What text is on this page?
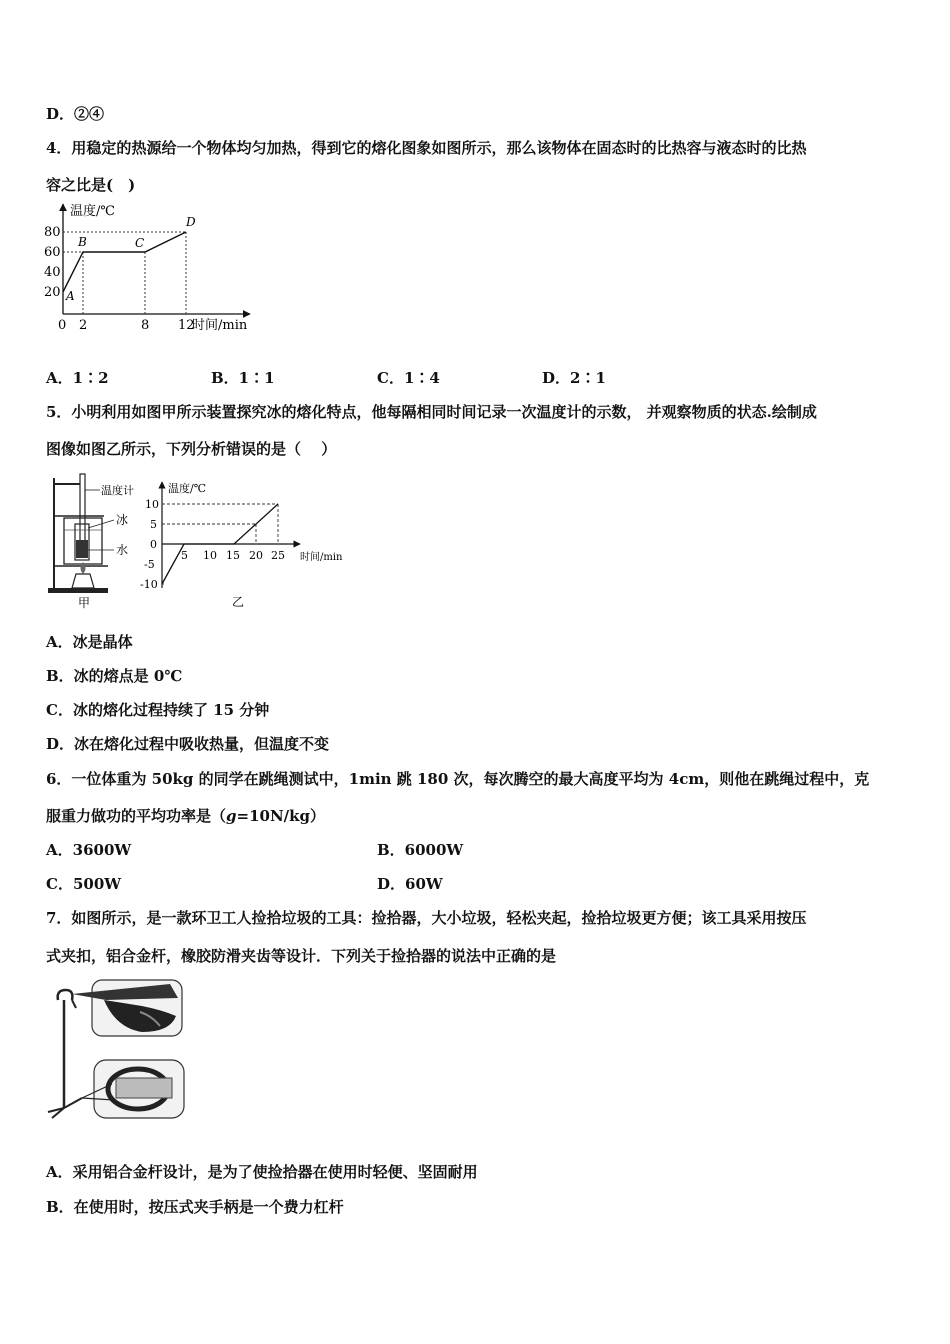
D．②④
4．用稳定的热源给一个物体均匀加热，得到它的熔化图象如图所示，那么该物体在固态时的比热容与液态时的比热
容之比是(　)
温度/℃
时间/min
80
60
40
20
0 2	8 12
A
B	C
D
A．1∶2	B．1∶1	C．1∶4	D．2∶1
5．小明利用如图甲所示装置探究冰的熔化特点，他每隔相同时间记录一次温度计的示数， 并观察物质的状态.绘制成
图像如图乙所示，下列分析错误的是（　 ）
温度计
冰
水
甲
10
5
0
-5
-10
5 10 15 20 25
温度/℃
时间/min
乙
A．冰是晶体
B．冰的熔点是 0℃
C．冰的熔化过程持续了 15 分钟
D．冰在熔化过程中吸收热量，但温度不变
6．一位体重为 50kg 的同学在跳绳测试中，1min 跳 180 次，每次腾空的最大高度平均为 4cm，则他在跳绳过程中，克
服重力做功的平均功率是（g=10N/kg）
A．3600W	B．6000W
C．500W	D．60W
7．如图所示，是一款环卫工人捡拾垃圾的工具：捡拾器，大小垃圾，轻松夹起，捡拾垃圾更方便；该工具采用按压
式夹扣，铝合金杆，橡胶防滑夹齿等设计．下列关于捡拾器的说法中正确的是
A．采用铝合金杆设计，是为了使捡拾器在使用时轻便、坚固耐用
B．在使用时，按压式夹手柄是一个费力杠杆
